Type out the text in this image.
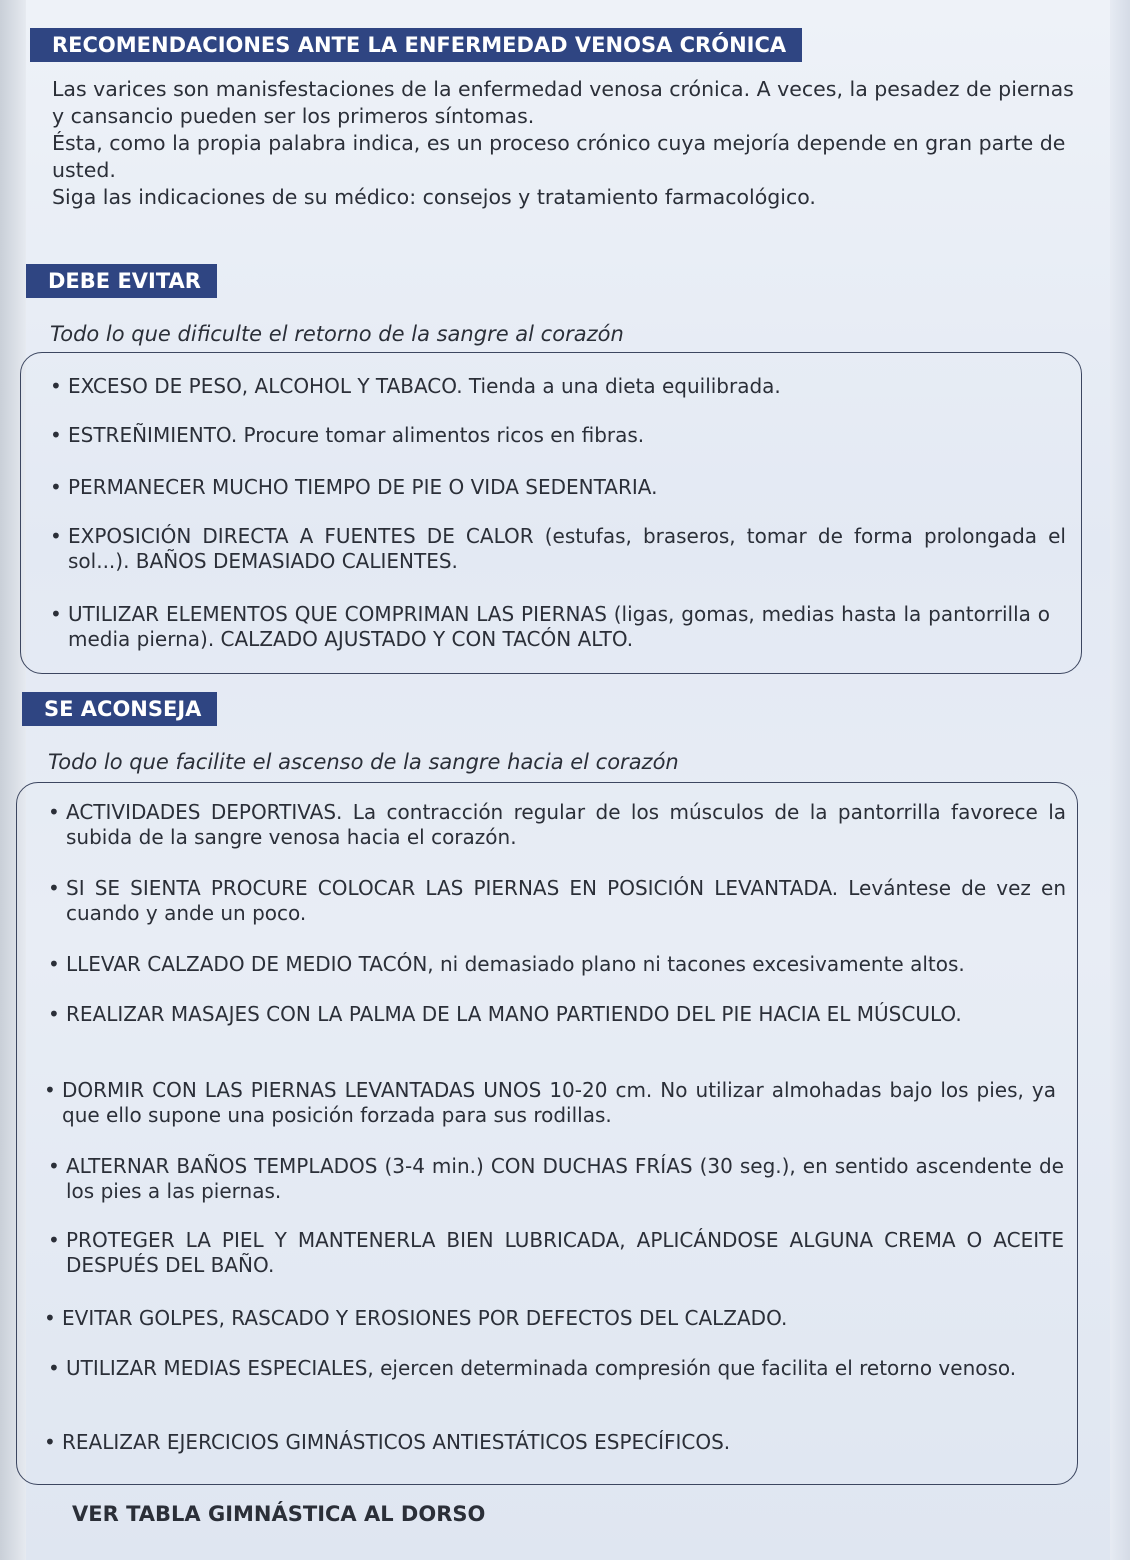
RECOMENDACIONES ANTE LA ENFERMEDAD VENOSA CRÓNICA

Las varices son manisfestaciones de la enfermedad venosa crónica. A veces, la pesadez de piernas y cansancio pueden ser los primeros síntomas.

Ésta, como la propia palabra indica, es un proceso crónico cuya mejoría depende en gran parte de usted.

Siga las indicaciones de su médico: consejos y tratamiento farmacológico.

DEBE EVITAR
Todo lo que dificulte el retorno de la sangre al corazón
• EXCESO DE PESO, ALCOHOL Y TABACO. Tienda a una dieta equilibrada.
• ESTREÑIMIENTO. Procure tomar alimentos ricos en fibras.
• PERMANECER MUCHO TIEMPO DE PIE O VIDA SEDENTARIA.
• EXPOSICIÓN DIRECTA A FUENTES DE CALOR (estufas, braseros, tomar de forma prolongada el sol...). BAÑOS DEMASIADO CALIENTES.
• UTILIZAR ELEMENTOS QUE COMPRIMAN LAS PIERNAS (ligas, gomas, medias hasta la pantorrilla o media pierna). CALZADO AJUSTADO Y CON TACÓN ALTO.
SE ACONSEJA
Todo lo que facilite el ascenso de la sangre hacia el corazón
• ACTIVIDADES DEPORTIVAS. La contracción regular de los músculos de la pantorrilla favorece la subida de la sangre venosa hacia el corazón.
• SI SE SIENTA PROCURE COLOCAR LAS PIERNAS EN POSICIÓN LEVANTADA. Levántese de vez en cuando y ande un poco.
• LLEVAR CALZADO DE MEDIO TACÓN, ni demasiado plano ni tacones excesivamente altos.
• REALIZAR MASAJES CON LA PALMA DE LA MANO PARTIENDO DEL PIE HACIA EL MÚSCULO.
• DORMIR CON LAS PIERNAS LEVANTADAS UNOS 10-20 cm. No utilizar almohadas bajo los pies, ya que ello supone una posición forzada para sus rodillas.
• ALTERNAR BAÑOS TEMPLADOS (3-4 min.) CON DUCHAS FRÍAS (30 seg.), en sentido ascendente de los pies a las piernas.
• PROTEGER LA PIEL Y MANTENERLA BIEN LUBRICADA, APLICÁNDOSE ALGUNA CREMA O ACEITE DESPUÉS DEL BAÑO.
• EVITAR GOLPES, RASCADO Y EROSIONES POR DEFECTOS DEL CALZADO.
• UTILIZAR MEDIAS ESPECIALES, ejercen determinada compresión que facilita el retorno venoso.
• REALIZAR EJERCICIOS GIMNÁSTICOS ANTIESTÁTICOS ESPECÍFICOS.
VER TABLA GIMNÁSTICA AL DORSO
